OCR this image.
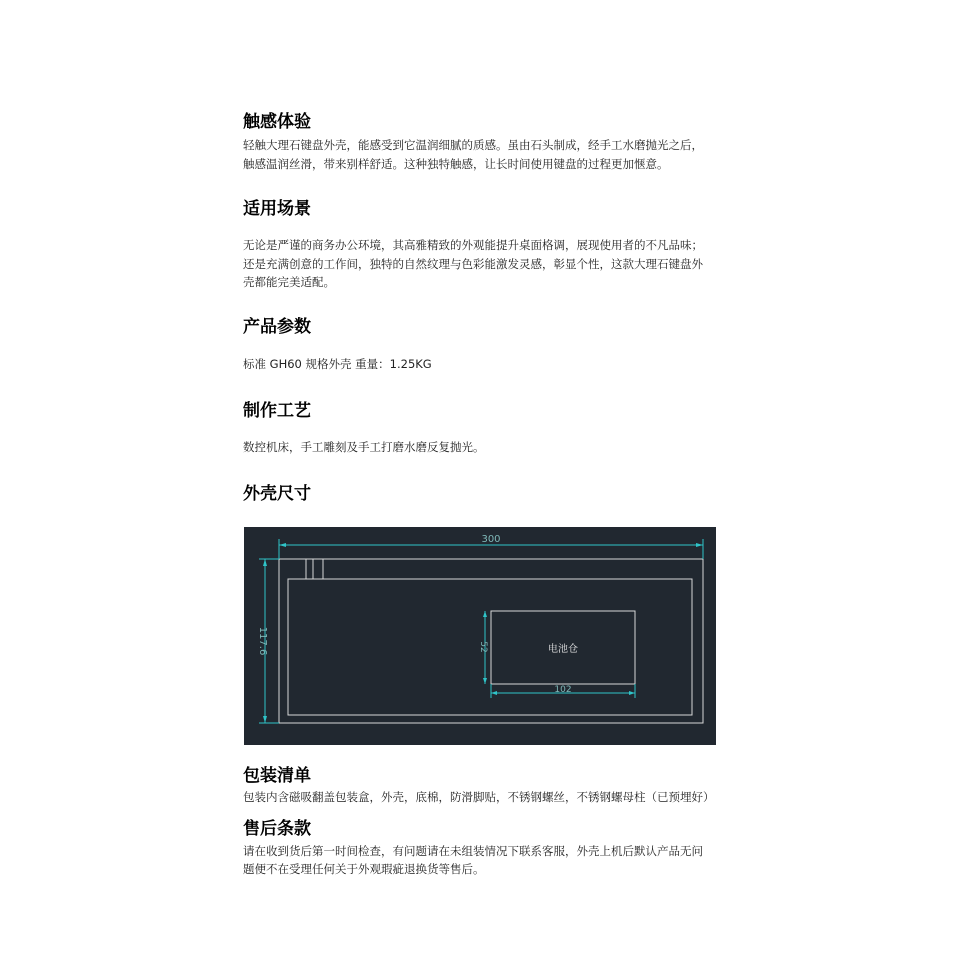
触感体验
轻触大理石键盘外壳，能感受到它温润细腻的质感。虽由石头制成，经手工水磨抛光之后，
触感温润丝滑，带来别样舒适。这种独特触感，让长时间使用键盘的过程更加惬意。
适用场景
无论是严谨的商务办公环境，其高雅精致的外观能提升桌面格调，展现使用者的不凡品味；
还是充满创意的工作间，独特的自然纹理与色彩能激发灵感，彰显个性，这款大理石键盘外
壳都能完美适配。
产品参数
标准 GH60 规格外壳 重量：1.25KG
制作工艺
数控机床，手工雕刻及手工打磨水磨反复抛光。
外壳尺寸
300
117.6	52
102
电池仓
包装清单
包装内含磁吸翻盖包装盒，外壳，底棉，防滑脚贴，不锈钢螺丝，不锈钢螺母柱（已预埋好）
售后条款
请在收到货后第一时间检查，有问题请在未组装情况下联系客服，外壳上机后默认产品无问
题便不在受理任何关于外观瑕疵退换货等售后。
